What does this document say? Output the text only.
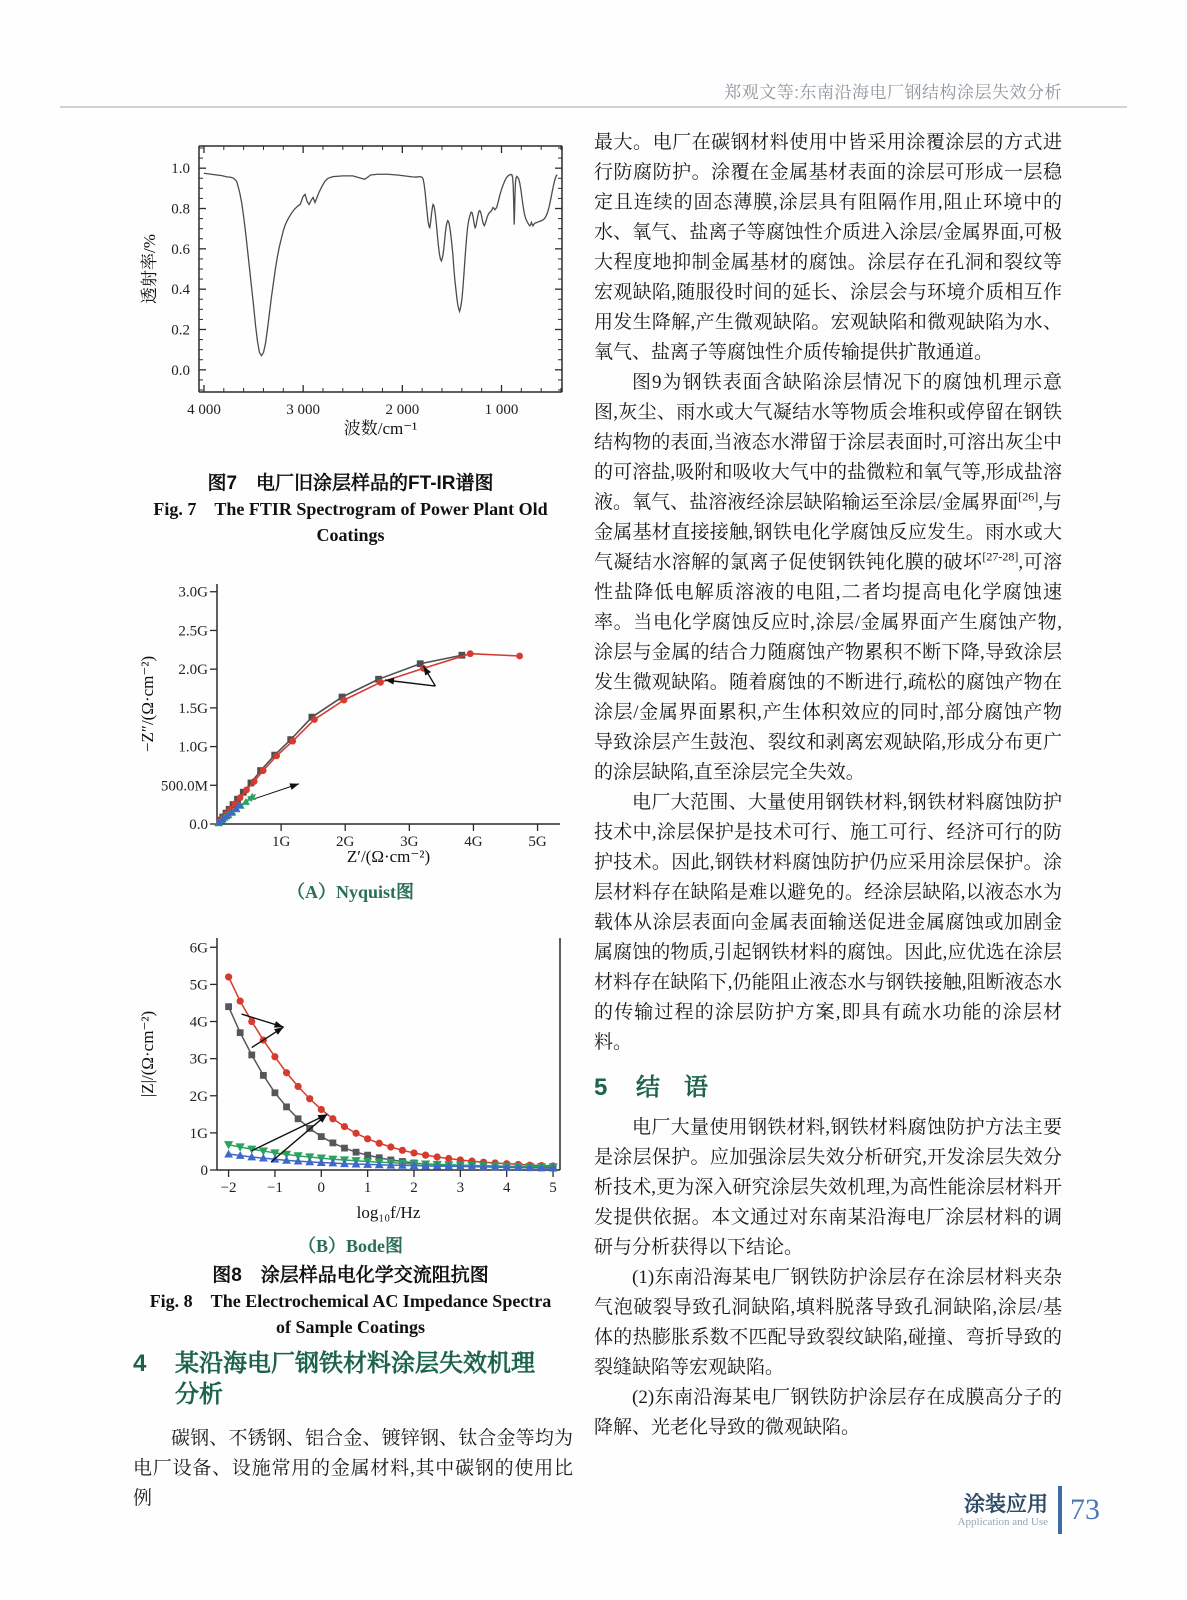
郑观文等:东南沿海电厂钢结构涂层失效分析
4 000	3 000	2 000	1 000
0.0
0.2
0.4
0.6
0.8
1.0
波数/cm⁻¹
透射率/%
图7　电厂旧涂层样品的FT-IR谱图
Fig. 7　The FTIR Spectrogram of Power Plant Old Coatings
1G	2G	3G	4G	5G
0.0
500.0M
1.0G
1.5G
2.0G
2.5G
3.0G
Z′/(Ω·cm⁻²)
−Z″/(Ω·cm⁻²)
（A）Nyquist图
−2 −1 0	1	2	3	4	5
0
1G
2G
3G
4G
5G
6G
log₁₀f/Hz
|Z|/(Ω·cm⁻²)
（B）Bode图
图8　涂层样品电化学交流阻抗图
Fig. 8　The Electrochemical AC Impedance Spectra of Sample Coatings
4	某沿海电厂钢铁材料涂层失效机理分析
碳钢、不锈钢、铝合金、镀锌钢、钛合金等均为电厂设备、设施常用的金属材料,其中碳钢的使用比例

最大。电厂在碳钢材料使用中皆采用涂覆涂层的方式进行防腐防护。涂覆在金属基材表面的涂层可形成一层稳定且连续的固态薄膜,涂层具有阻隔作用,阻止环境中的水、氧气、盐离子等腐蚀性介质进入涂层/金属界面,可极大程度地抑制金属基材的腐蚀。涂层存在孔洞和裂纹等宏观缺陷,随服役时间的延长、涂层会与环境介质相互作用发生降解,产生微观缺陷。宏观缺陷和微观缺陷为水、氧气、盐离子等腐蚀性介质传输提供扩散通道。

图9为钢铁表面含缺陷涂层情况下的腐蚀机理示意图,灰尘、雨水或大气凝结水等物质会堆积或停留在钢铁结构物的表面,当液态水滞留于涂层表面时,可溶出灰尘中的可溶盐,吸附和吸收大气中的盐微粒和氧气等,形成盐溶液。氧气、盐溶液经涂层缺陷输运至涂层/金属界面[26],与金属基材直接接触,钢铁电化学腐蚀反应发生。雨水或大气凝结水溶解的氯离子促使钢铁钝化膜的破坏[27-28],可溶性盐降低电解质溶液的电阻,二者均提高电化学腐蚀速率。当电化学腐蚀反应时,涂层/金属界面产生腐蚀产物,涂层与金属的结合力随腐蚀产物累积不断下降,导致涂层发生微观缺陷。随着腐蚀的不断进行,疏松的腐蚀产物在涂层/金属界面累积,产生体积效应的同时,部分腐蚀产物导致涂层产生鼓泡、裂纹和剥离宏观缺陷,形成分布更广的涂层缺陷,直至涂层完全失效。

电厂大范围、大量使用钢铁材料,钢铁材料腐蚀防护技术中,涂层保护是技术可行、施工可行、经济可行的防护技术。因此,钢铁材料腐蚀防护仍应采用涂层保护。涂层材料存在缺陷是难以避免的。经涂层缺陷,以液态水为载体从涂层表面向金属表面输送促进金属腐蚀或加剧金属腐蚀的物质,引起钢铁材料的腐蚀。因此,应优选在涂层材料存在缺陷下,仍能阻止液态水与钢铁接触,阻断液态水的传输过程的涂层防护方案,即具有疏水功能的涂层材料。

5	结　语

电厂大量使用钢铁材料,钢铁材料腐蚀防护方法主要是涂层保护。应加强涂层失效分析研究,开发涂层失效分析技术,更为深入研究涂层失效机理,为高性能涂层材料开发提供依据。本文通过对东南某沿海电厂涂层材料的调研与分析获得以下结论。

(1)东南沿海某电厂钢铁防护涂层存在涂层材料夹杂气泡破裂导致孔洞缺陷,填料脱落导致孔洞缺陷,涂层/基体的热膨胀系数不匹配导致裂纹缺陷,碰撞、弯折导致的裂缝缺陷等宏观缺陷。

(2)东南沿海某电厂钢铁防护涂层存在成膜高分子的降解、光老化导致的微观缺陷。

涂装应用
Application and Use 73
